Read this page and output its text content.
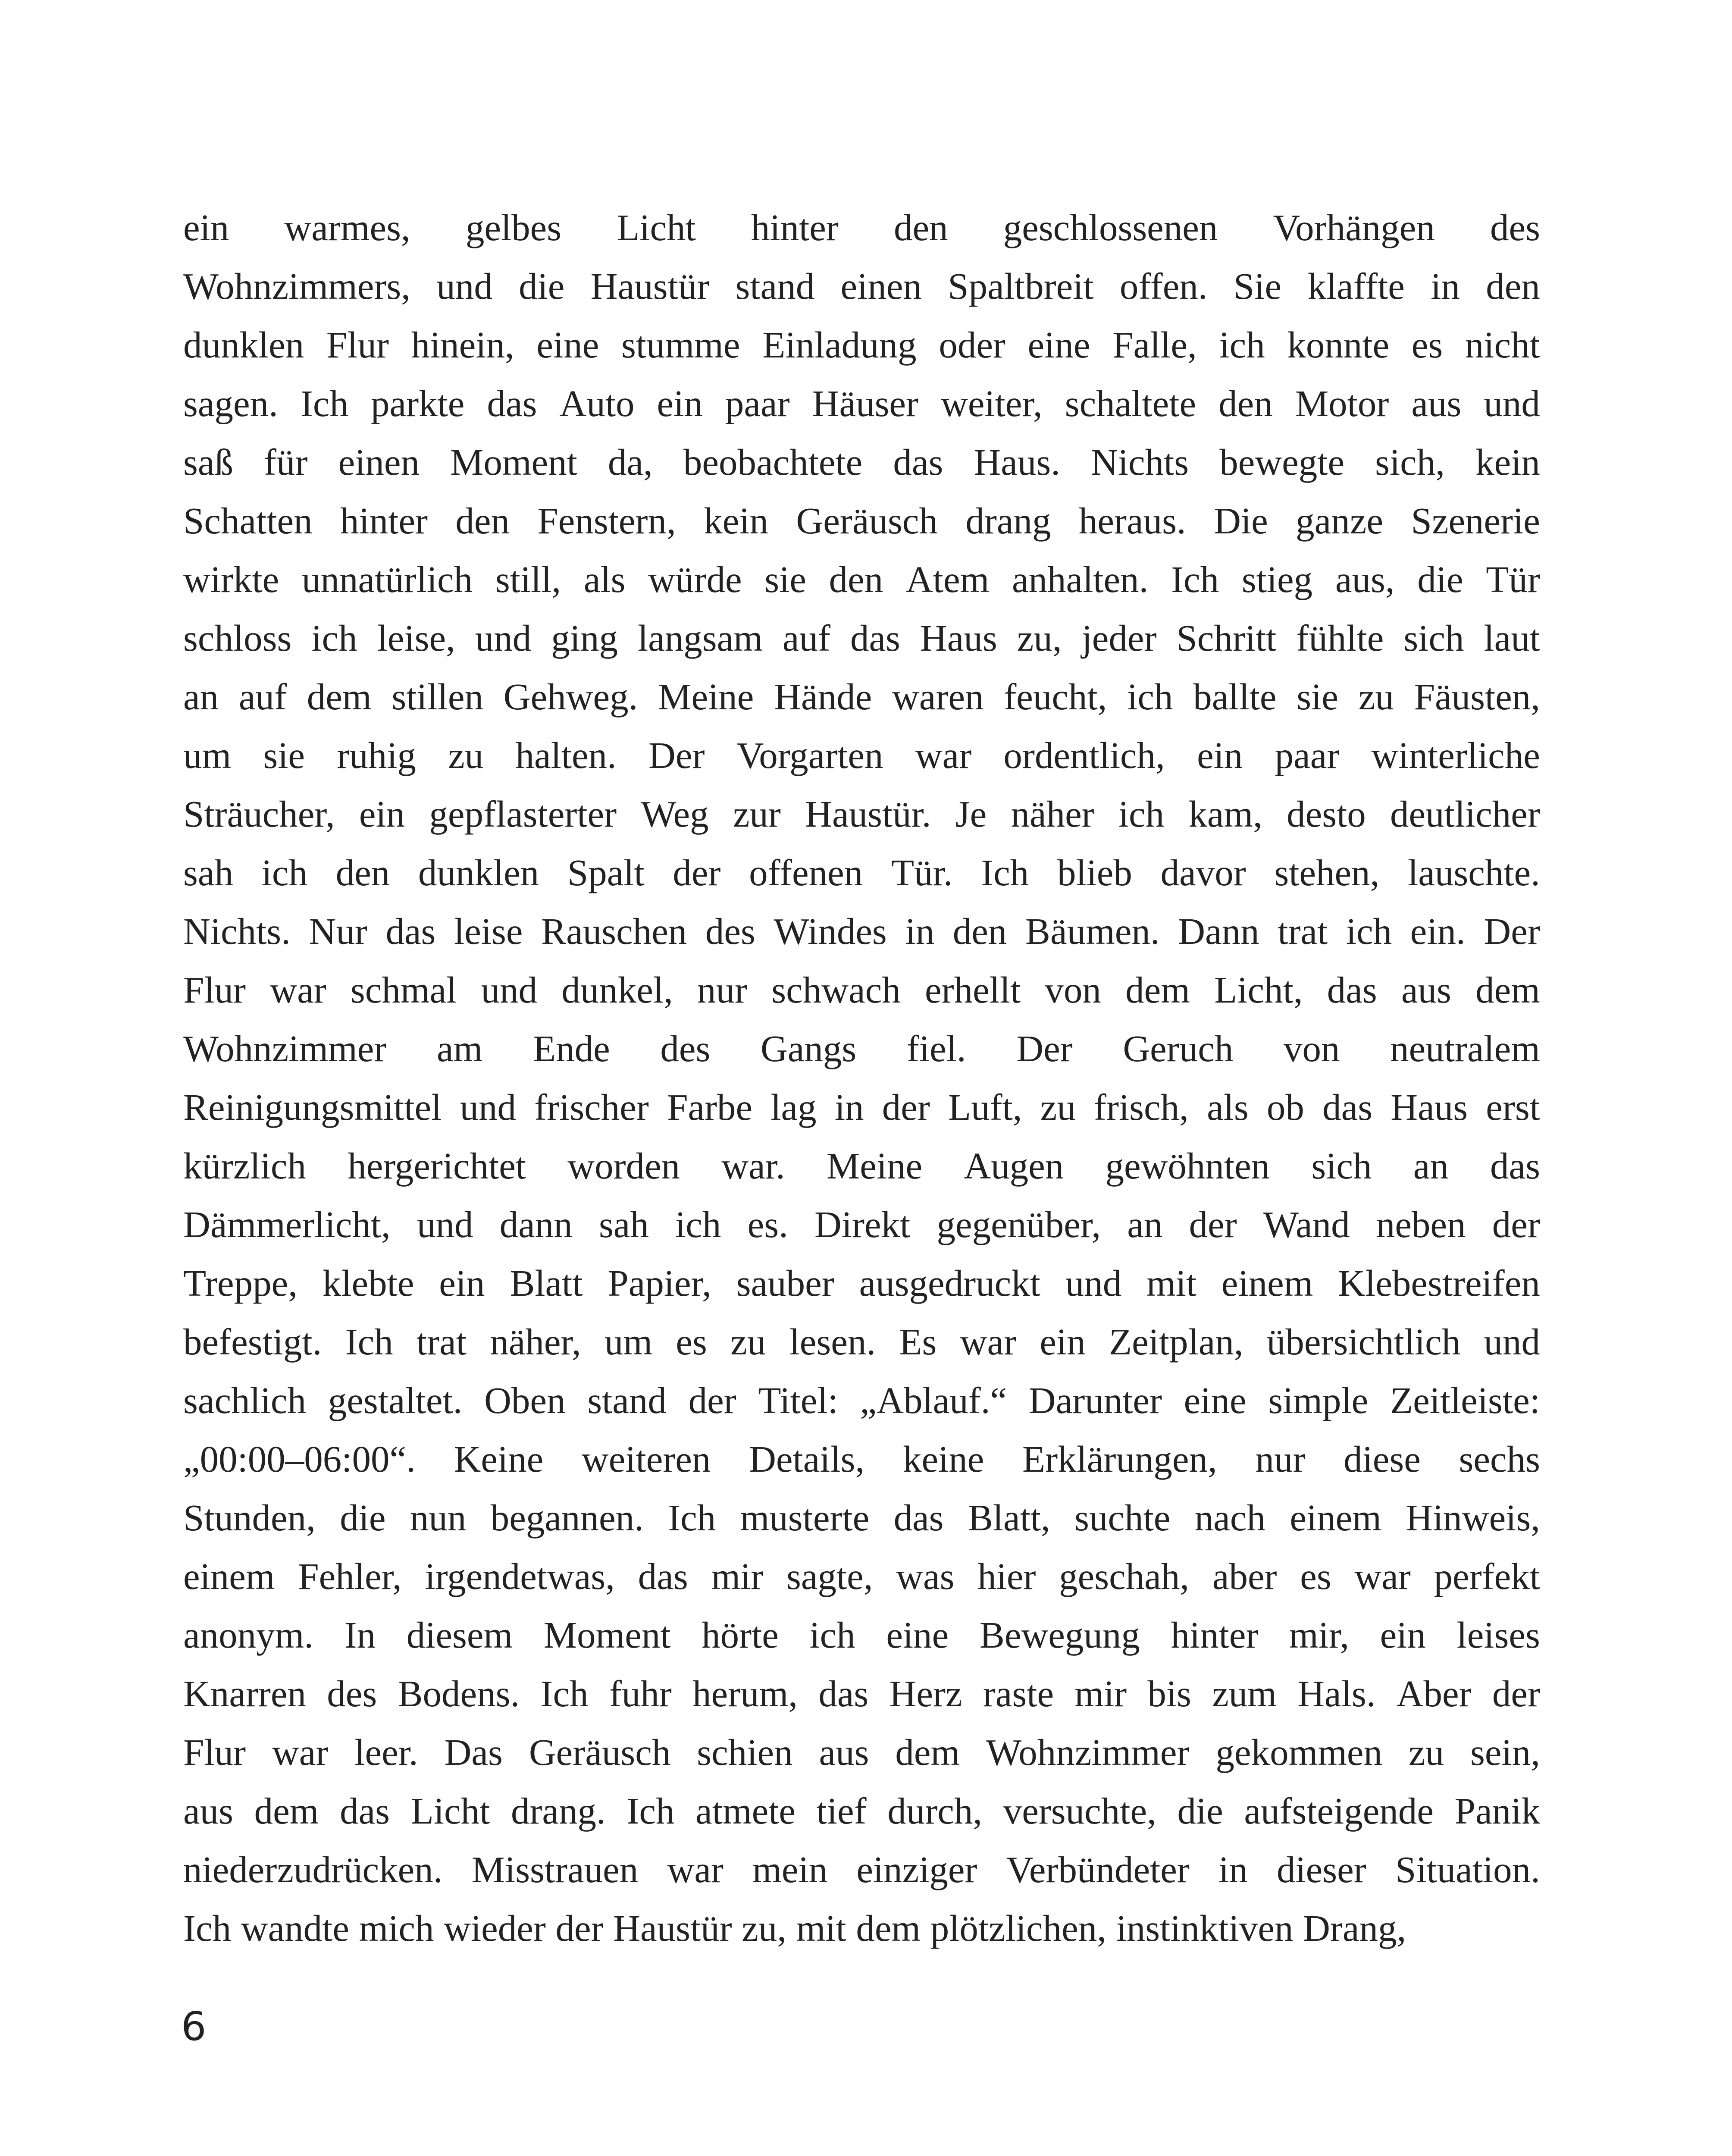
ein warmes, gelbes Licht hinter den geschlossenen Vorhängen des
Wohnzimmers, und die Haustür stand einen Spaltbreit offen. Sie klaffte in den
dunklen Flur hinein, eine stumme Einladung oder eine Falle, ich konnte es nicht
sagen. Ich parkte das Auto ein paar Häuser weiter, schaltete den Motor aus und
saß für einen Moment da, beobachtete das Haus. Nichts bewegte sich, kein
Schatten hinter den Fenstern, kein Geräusch drang heraus. Die ganze Szenerie
wirkte unnatürlich still, als würde sie den Atem anhalten. Ich stieg aus, die Tür
schloss ich leise, und ging langsam auf das Haus zu, jeder Schritt fühlte sich laut
an auf dem stillen Gehweg. Meine Hände waren feucht, ich ballte sie zu Fäusten,
um sie ruhig zu halten. Der Vorgarten war ordentlich, ein paar winterliche
Sträucher, ein gepflasterter Weg zur Haustür. Je näher ich kam, desto deutlicher
sah ich den dunklen Spalt der offenen Tür. Ich blieb davor stehen, lauschte.
Nichts. Nur das leise Rauschen des Windes in den Bäumen. Dann trat ich ein. Der
Flur war schmal und dunkel, nur schwach erhellt von dem Licht, das aus dem
Wohnzimmer am Ende des Gangs fiel. Der Geruch von neutralem
Reinigungsmittel und frischer Farbe lag in der Luft, zu frisch, als ob das Haus erst
kürzlich hergerichtet worden war. Meine Augen gewöhnten sich an das
Dämmerlicht, und dann sah ich es. Direkt gegenüber, an der Wand neben der
Treppe, klebte ein Blatt Papier, sauber ausgedruckt und mit einem Klebestreifen
befestigt. Ich trat näher, um es zu lesen. Es war ein Zeitplan, übersichtlich und
sachlich gestaltet. Oben stand der Titel: „Ablauf.“ Darunter eine simple Zeitleiste:
„00:00–06:00“. Keine weiteren Details, keine Erklärungen, nur diese sechs
Stunden, die nun begannen. Ich musterte das Blatt, suchte nach einem Hinweis,
einem Fehler, irgendetwas, das mir sagte, was hier geschah, aber es war perfekt
anonym. In diesem Moment hörte ich eine Bewegung hinter mir, ein leises
Knarren des Bodens. Ich fuhr herum, das Herz raste mir bis zum Hals. Aber der
Flur war leer. Das Geräusch schien aus dem Wohnzimmer gekommen zu sein,
aus dem das Licht drang. Ich atmete tief durch, versuchte, die aufsteigende Panik
niederzudrücken. Misstrauen war mein einziger Verbündeter in dieser Situation.
Ich wandte mich wieder der Haustür zu, mit dem plötzlichen, instinktiven Drang,
6
